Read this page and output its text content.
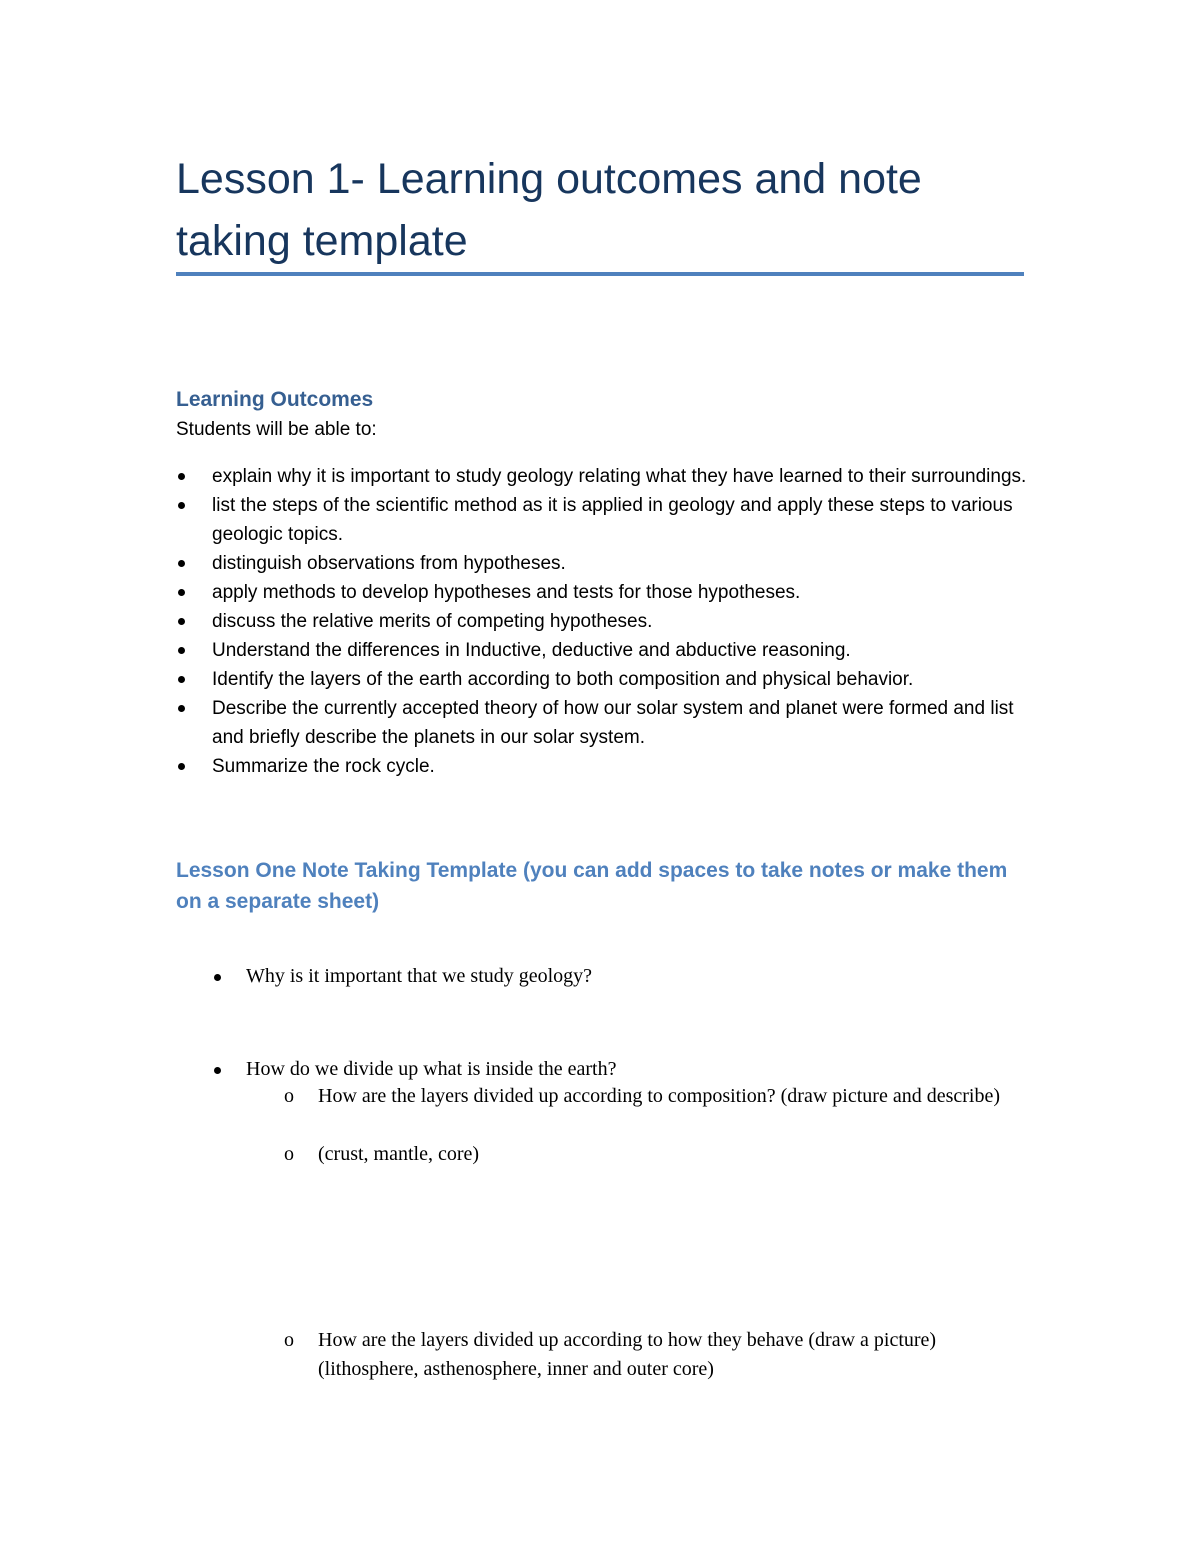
Lesson 1- Learning outcomes and note taking template
Learning Outcomes

Students will be able to:

explain why it is important to study geology relating what they have learned to their surroundings.
list the steps of the scientific method as it is applied in geology and apply these steps to various geologic topics.
distinguish observations from hypotheses.
apply methods to develop hypotheses and tests for those hypotheses.
discuss the relative merits of competing hypotheses.
Understand the differences in Inductive, deductive and abductive reasoning.
Identify the layers of the earth according to both composition and physical behavior.
Describe the currently accepted theory of how our solar system and planet were formed and list and briefly describe the planets in our solar system.
Summarize the rock cycle.
Lesson One Note Taking Template (you can add spaces to take notes or make them on a separate sheet)
Why is it important that we study geology?
How do we divide up what is inside the earth?
o	How are the layers divided up according to composition? (draw picture and describe)
o	(crust, mantle, core)
o	How are the layers divided up according to how they behave (draw a picture)(lithosphere, asthenosphere, inner and outer core)
